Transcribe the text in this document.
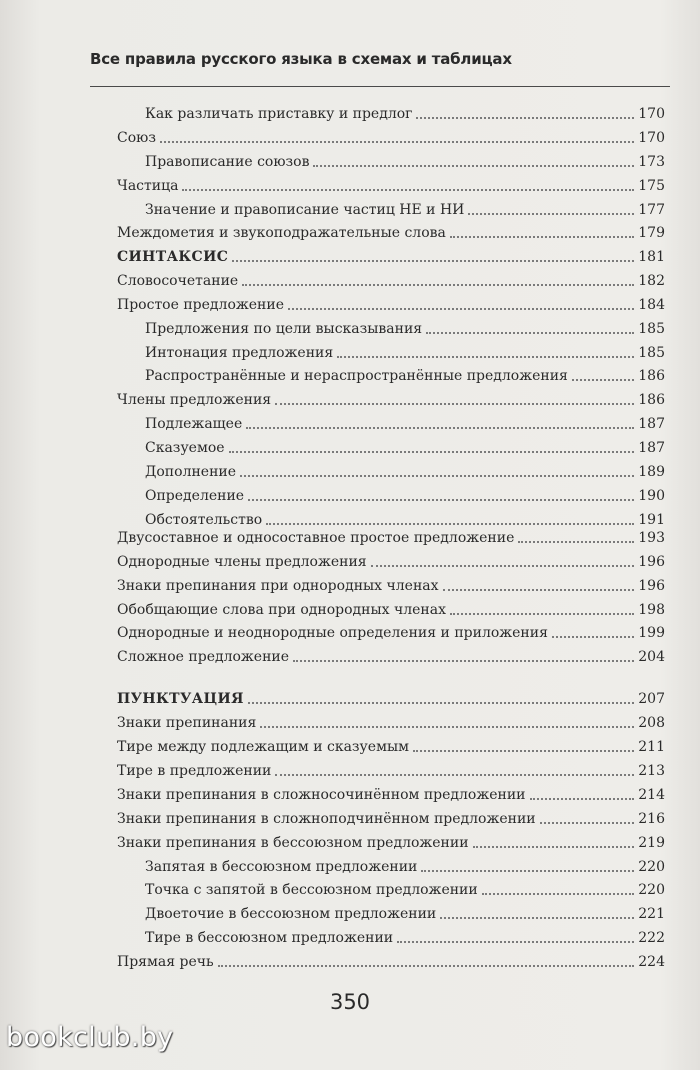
Все правила русского языка в схемах и таблицах
Как различать приставку и предлог	170
Союз	170
Правописание союзов	173
Частица	175
Значение и правописание частиц НЕ и НИ	177
Междометия и звукоподражательные слова	179
СИНТАКСИС	181
Словосочетание	182
Простое предложение	184
Предложения по цели высказывания	185
Интонация предложения	185
Распространённые и нераспространённые предложения	186
Члены предложения	186
Подлежащее	187
Сказуемое	187
Дополнение	189
Определение	190
Обстоятельство	191
Двусоставное и односоставное простое предложение	193
Однородные члены предложения	196
Знаки препинания при однородных членах	196
Обобщающие слова при однородных членах	198
Однородные и неоднородные определения и приложения	199
Сложное предложение	204
ПУНКТУАЦИЯ	207
Знаки препинания	208
Тире между подлежащим и сказуемым	211
Тире в предложении	213
Знаки препинания в сложносочинённом предложении	214
Знаки препинания в сложноподчинённом предложении	216
Знаки препинания в бессоюзном предложении	219
Запятая в бессоюзном предложении	220
Точка с запятой в бессоюзном предложении	220
Двоеточие в бессоюзном предложении	221
Тире в бессоюзном предложении	222
Прямая речь	224
350
bookclub.by
